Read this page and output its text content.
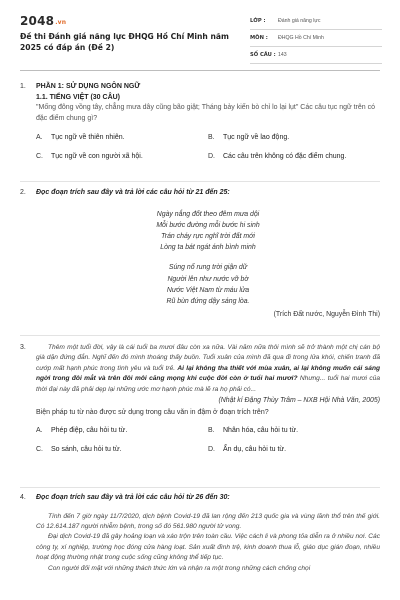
2048.vn
Đề thi Đánh giá năng lực ĐHQG Hồ Chí Minh năm 2025 có đáp án (Đề 2)
LỚP :	Đánh giá năng lực
MÔN :	ĐHQG Hồ Chí Minh
SỐ CÂU : 143
1. PHẦN 1: SỬ DỤNG NGÔN NGỮ
1.1. TIẾNG VIỆT (30 CÂU)
"Mống đông vồng tây, chẳng mưa dây cũng bão giật; Tháng bảy kiến bò chỉ lo lại lụt" Các câu tục ngữ trên có đặc điểm chung gì?
A.	Tục ngữ về thiên nhiên.	B.	Tục ngữ về lao động.
C.	Tục ngữ về con người xã hội.	D.	Các câu trên không có đặc điểm chung.
2. Đọc đoạn trích sau đây và trả lời các câu hỏi từ 21 đến 25:
Ngày nắng đốt theo đêm mưa dội
Mỗi bước đường mỗi bước hi sinh
Trán cháy rực nghĩ trời đất mới
Lòng ta bát ngát ánh bình minh
Súng nổ rung trời giận dữ
Người lên như nước vỡ bờ
Nước Việt Nam từ máu lửa
Rũ bùn đứng dậy sáng lòa.
(Trích Đất nước, Nguyễn Đình Thi)
3.	Thêm một tuổi đời, vậy là cái tuổi ba mươi đâu còn xa nữa. Vài năm nữa thôi mình sẽ trở thành một chị cán bộ già dặn đứng đắn. Nghĩ đến đó mình thoáng thấy buồn. Tuổi xuân của mình đã qua đi trong lửa khói, chiến tranh đã cướp mất hạnh phúc trong tình yêu và tuổi trẻ. Ai lại không tha thiết với mùa xuân, ai lại không muốn cái sáng ngời trong đôi mắt và trên đôi môi căng mọng khi cuộc đời còn ở tuổi hai mươi? Nhưng... tuổi hai mươi của thời đại này đã phải dẹp lại những ước mơ hạnh phúc mà lẽ ra họ phải có...
(Nhật kí Đặng Thùy Trâm – NXB Hội Nhà Văn, 2005)
Biện pháp tu từ nào được sử dụng trong câu văn in đậm ở đoạn trích trên?
A.	Phép điệp, câu hỏi tu từ.	B.	Nhân hóa, câu hỏi tu từ.
C.	So sánh, câu hỏi tu từ.	D.	Ẩn dụ, câu hỏi tu từ.
4. Đọc đoạn trích sau đây và trả lời các câu hỏi từ 26 đến 30:
Tính đến 7 giờ ngày 11/7/2020, dịch bệnh Covid-19 đã lan rộng đến 213 quốc gia và vùng lãnh thổ trên thế giới. Có 12.614.187 người nhiễm bệnh, trong số đó 561.980 người tử vong.
Đại dịch Covid-19 đã gây hoảng loạn và xáo trộn trên toàn cầu. Việc cách li và phong tỏa diễn ra ở nhiều nơi. Các công ty, xí nghiệp, trường học đóng cửa hàng loạt. Sản xuất đình trệ, kinh doanh thua lỗ, giáo dục gián đoạn, nhiều hoạt động thường nhật trong cuộc sống cũng không thể tiếp tục.
Con người đối mặt với những thách thức lớn và nhận ra một trong những cách chống chọi
